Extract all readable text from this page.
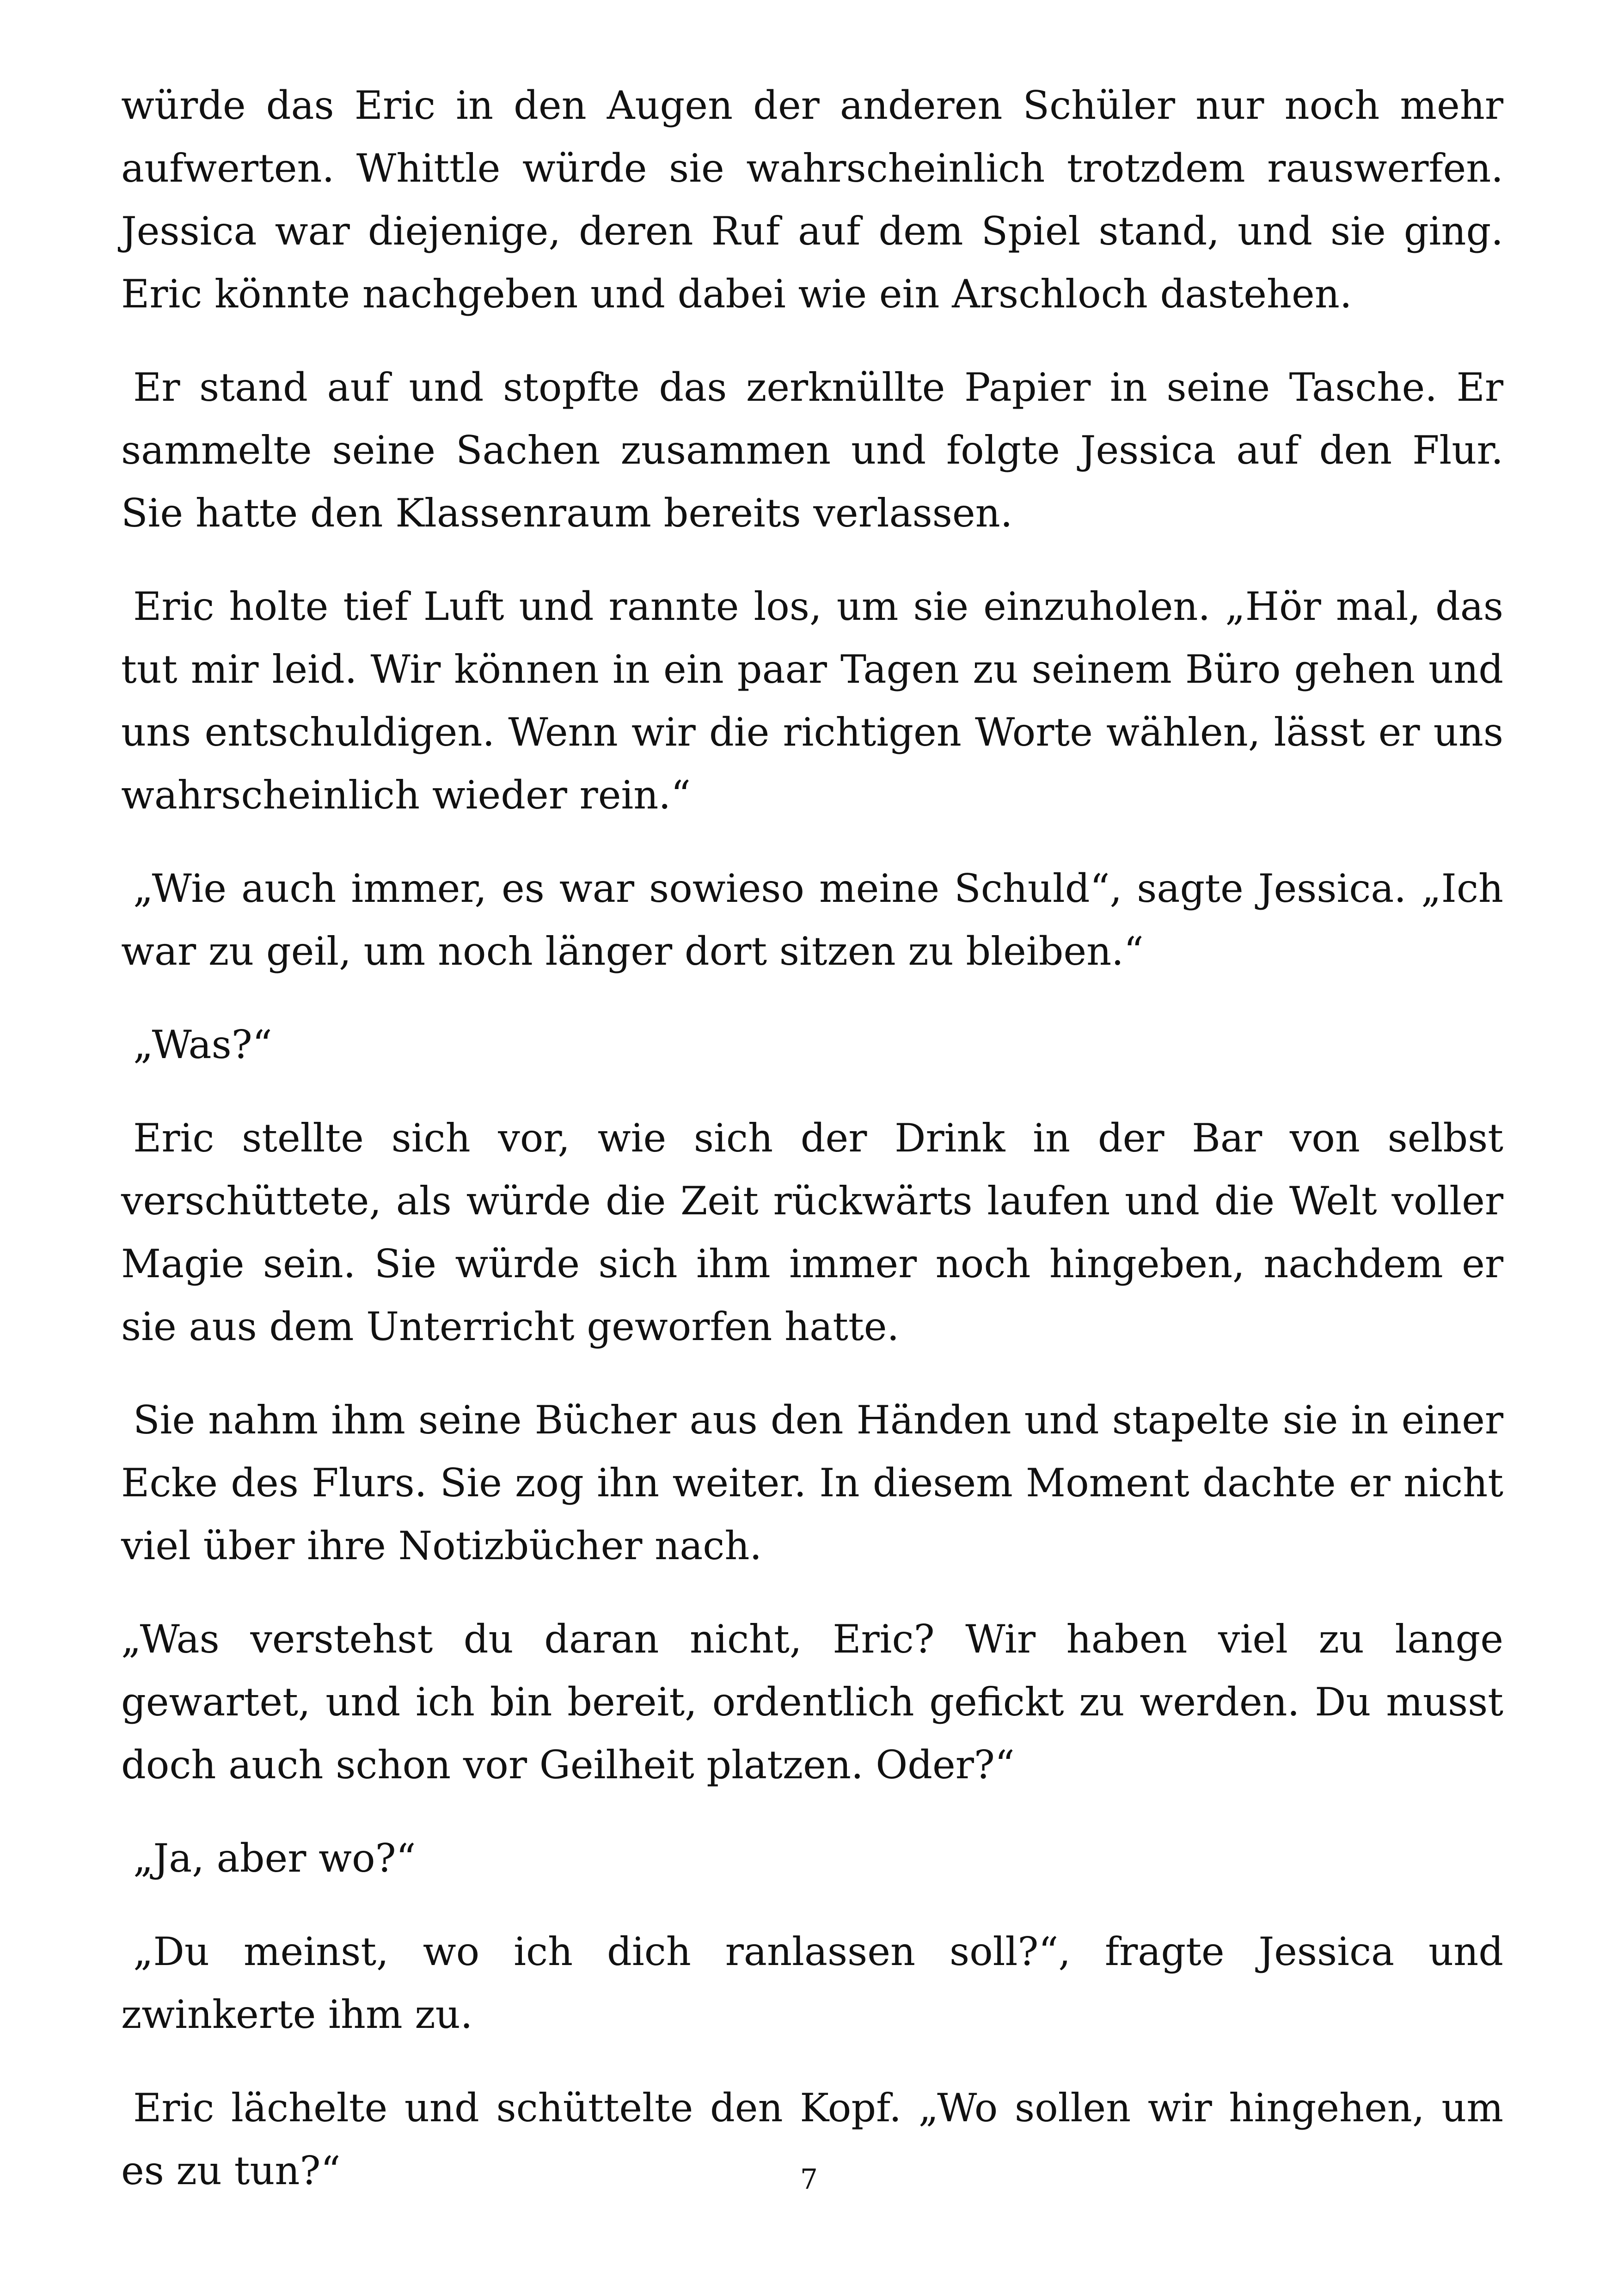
würde das Eric in den Augen der anderen Schüler nur noch mehr aufwerten. Whittle würde sie wahrscheinlich trotzdem rauswerfen. Jessica war diejenige, deren Ruf auf dem Spiel stand, und sie ging. Eric könnte nachgeben und dabei wie ein Arschloch dastehen.

Er stand auf und stopfte das zerknüllte Papier in seine Tasche. Er sammelte seine Sachen zusammen und folgte Jessica auf den Flur. Sie hatte den Klassenraum bereits verlassen.

Eric holte tief Luft und rannte los, um sie einzuholen. „Hör mal, das tut mir leid. Wir können in ein paar Tagen zu seinem Büro gehen und uns entschuldigen. Wenn wir die richtigen Worte wählen, lässt er uns wahrscheinlich wieder rein.“

„Wie auch immer, es war sowieso meine Schuld“, sagte Jessica. „Ich war zu geil, um noch länger dort sitzen zu bleiben.“

„Was?“

Eric stellte sich vor, wie sich der Drink in der Bar von selbst verschüttete, als würde die Zeit rückwärts laufen und die Welt voller Magie sein. Sie würde sich ihm immer noch hingeben, nachdem er sie aus dem Unterricht geworfen hatte.

Sie nahm ihm seine Bücher aus den Händen und stapelte sie in einer Ecke des Flurs. Sie zog ihn weiter. In diesem Moment dachte er nicht viel über ihre Notizbücher nach.

„Was verstehst du daran nicht, Eric? Wir haben viel zu lange gewartet, und ich bin bereit, ordentlich gefickt zu werden. Du musst doch auch schon vor Geilheit platzen. Oder?“

„Ja, aber wo?“

„Du meinst, wo ich dich ranlassen soll?“, fragte Jessica und zwinkerte ihm zu.

Eric lächelte und schüttelte den Kopf. „Wo sollen wir hingehen, um es zu tun?“	7
